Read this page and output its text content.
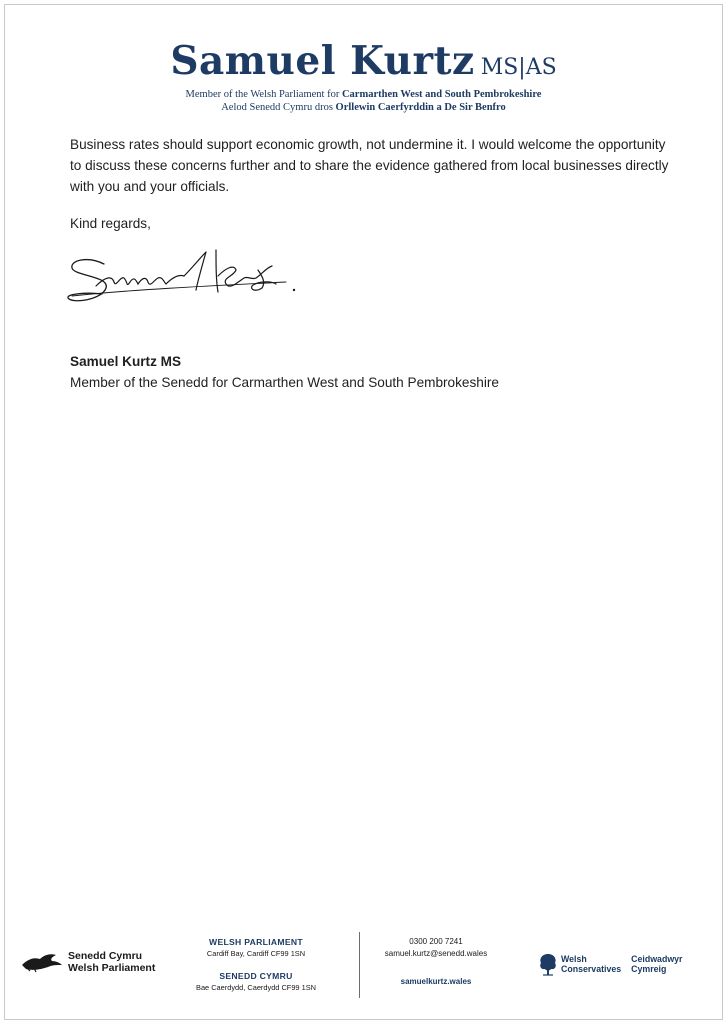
Samuel Kurtz MS|AS
Member of the Welsh Parliament for Carmarthen West and South Pembrokeshire
Aelod Senedd Cymru dros Orllewin Caerfyrddin a De Sir Benfro

Business rates should support economic growth, not undermine it. I would welcome the opportunity to discuss these concerns further and to share the evidence gathered from local businesses directly with you and your officials.

Kind regards,

Samuel Kurtz MS

Member of the Senedd for Carmarthen West and South Pembrokeshire

Senedd Cymru
Welsh Parliament
WELSH PARLIAMENT
Cardiff Bay, Cardiff CF99 1SN
SENEDD CYMRU
Bae Caerdydd, Caerdydd CF99 1SN
0300 200 7241
samuel.kurtz@senedd.wales
samuelkurtz.wales
Welsh
Conservatives
Ceidwadwyr
Cymreig
